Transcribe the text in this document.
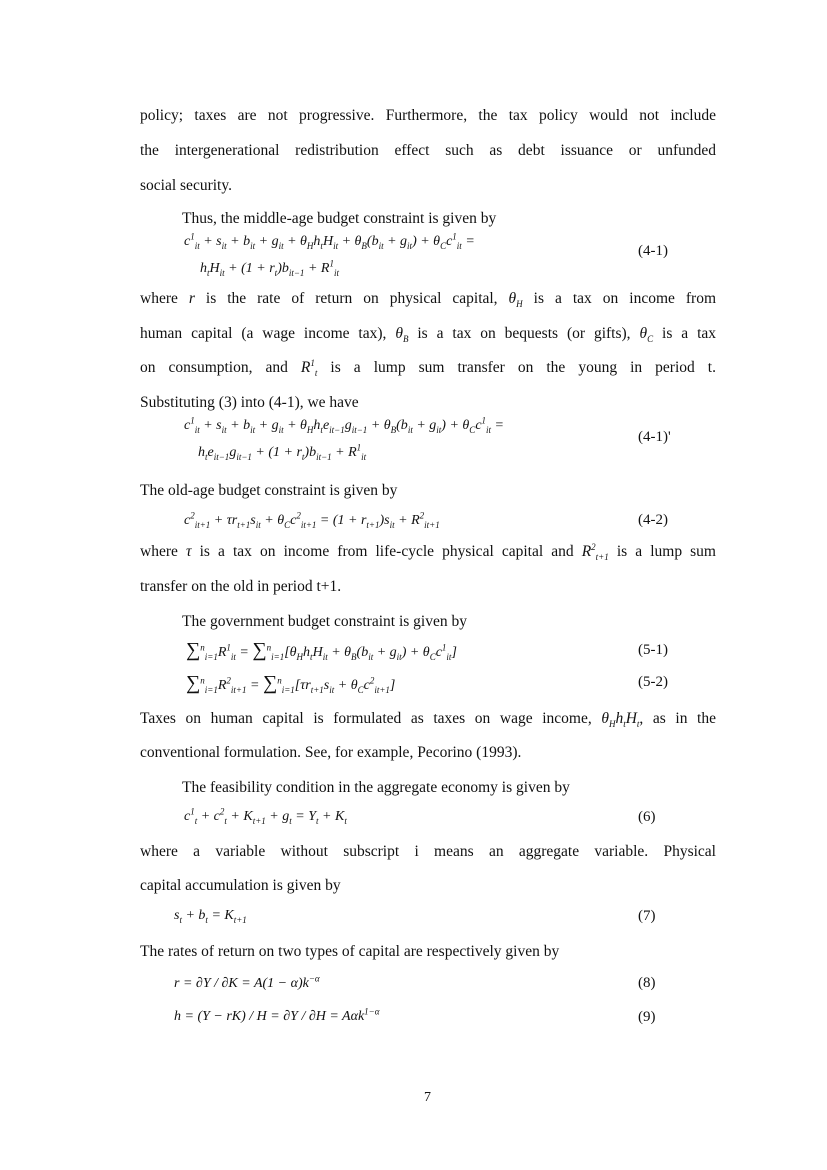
policy; taxes are not progressive. Furthermore, the tax policy would not include
the intergenerational redistribution effect such as debt issuance or unfunded
social security.
Thus, the middle-age budget constraint is given by
$c^1_{it} + s_{it} + b_{it} + g_{it} + \theta_Hh_tH_{it} + \theta_B(b_{it} + g_{it}) + \theta_Cc^1_{it}$ =
$h_tH_{it} + (1 + r_t)b_{it-1} + R^1_{it}$
(4-1)
where r is the rate of return on physical capital, $\theta_H$ is a tax on income from
human capital (a wage income tax), $\theta_B$ is a tax on bequests (or gifts), $\theta_C$ is a tax
on consumption, and $R^1_t$ is a lump sum transfer on the young in period t.
Substituting (3) into (4-1), we have
$c^1_{it} + s_{it} + b_{it} + g_{it} + \theta_Hh_te_{it-1}g_{it-1} + \theta_B(b_{it} + g_{it}) + \theta_Cc^1_{it}$ =
$h_te_{it-1}g_{it-1} + (1 + r_t)b_{it-1} + R^1_{it}$
(4-1)'
The old-age budget constraint is given by
$c^2_{it+1} + \tau r_{t+1}s_{it} + \theta_Cc^2_{it+1} = (1 + r_{t+1})s_{it} + R^2_{it+1}$	(4-2)
where τ is a tax on income from life-cycle physical capital and $R^2_{t+1}$ is a lump sum
transfer on the old in period t+1.
The government budget constraint is given by
$\sum^n_{i=1}R^1_{it} = \sum^n_{i=1}[\theta_Hh_tH_{it} + \theta_B(b_{it} + g_{it}) + \theta_Cc^1_{it}]$	(5-1)
$\sum^n_{i=1}R^2_{it+1} = \sum^n_{i=1}[\tau r_{t+1}s_{it} + \theta_Cc^2_{it+1}]$	(5-2)
Taxes on human capital is formulated as taxes on wage income, $\theta_Hh_tH_t$, as in the
conventional formulation. See, for example, Pecorino (1993).
The feasibility condition in the aggregate economy is given by
$c^1_t + c^2_t + K_{t+1} + g_t = Y_t + K_t$	(6)
where a variable without subscript i means an aggregate variable. Physical
capital accumulation is given by
$s_t + b_t = K_{t+1}$	(7)
The rates of return on two types of capital are respectively given by
$r = \partial Y / \partial K = A(1 - \alpha)k^{-\alpha}$	(8)
h = (Y − rK) / H = ∂Y / ∂H = Aαk$^{1-\alpha}$	(9)
7
